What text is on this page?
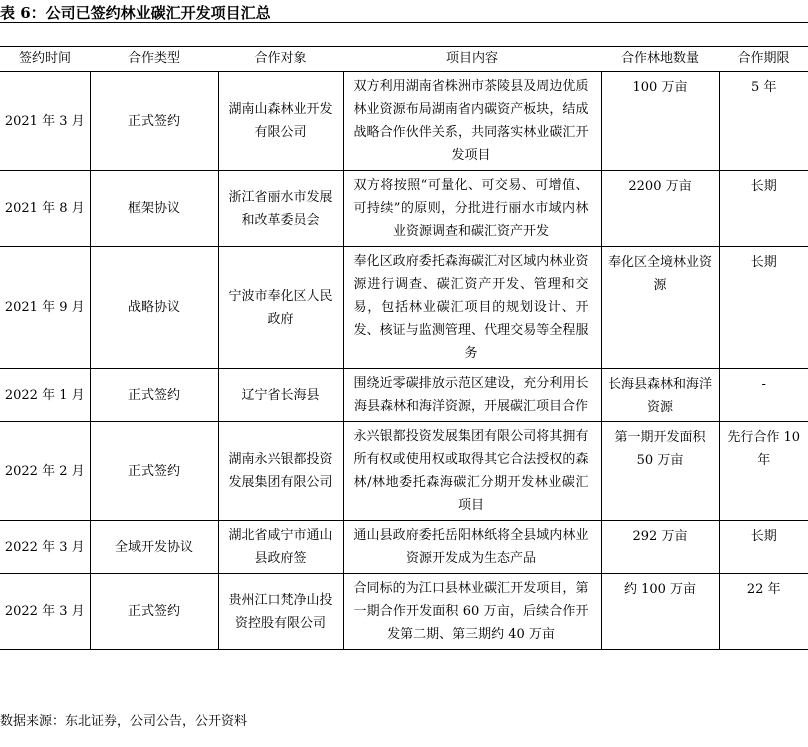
表 6：公司已签约林业碳汇开发项目汇总
签约时间	合作类型	合作对象	项目内容	合作林地数量	合作期限
2021 年 3 月	正式签约	湖南山森林业开发有限公司	双方利用湖南省株洲市茶陵县及周边优质林业资源布局湖南省内碳资产板块，结成战略合作伙伴关系，共同落实林业碳汇开发项目	100 万亩	5 年
2021 年 8 月	框架协议	浙江省丽水市发展和改革委员会	双方将按照“可量化、可交易、可增值、可持续”的原则，分批进行丽水市域内林业资源调查和碳汇资产开发	2200 万亩	长期
2021 年 9 月	战略协议	宁波市奉化区人民政府	奉化区政府委托森海碳汇对区域内林业资源进行调查、碳汇资产开发、管理和交易，包括林业碳汇项目的规划设计、开发、核证与监测管理、代理交易等全程服务	奉化区全境林业资源	长期
2022 年 1 月	正式签约	辽宁省长海县	围绕近零碳排放示范区建设，充分利用长海县森林和海洋资源，开展碳汇项目合作	长海县森林和海洋资源	-
2022 年 2 月	正式签约	湖南永兴银都投资发展集团有限公司	永兴银都投资发展集团有限公司将其拥有所有权或使用权或取得其它合法授权的森林/林地委托森海碳汇分期开发林业碳汇项目	第一期开发面积 50 万亩	先行合作 10 年
2022 年 3 月	全域开发协议	湖北省咸宁市通山县政府签	通山县政府委托岳阳林纸将全县域内林业资源开发成为生态产品	292 万亩	长期
2022 年 3 月	正式签约	贵州江口梵净山投资控股有限公司	合同标的为江口县林业碳汇开发项目，第一期合作开发面积 60 万亩，后续合作开发第二期、第三期约 40 万亩	约 100 万亩	22 年
数据来源：东北证券，公司公告，公开资料
